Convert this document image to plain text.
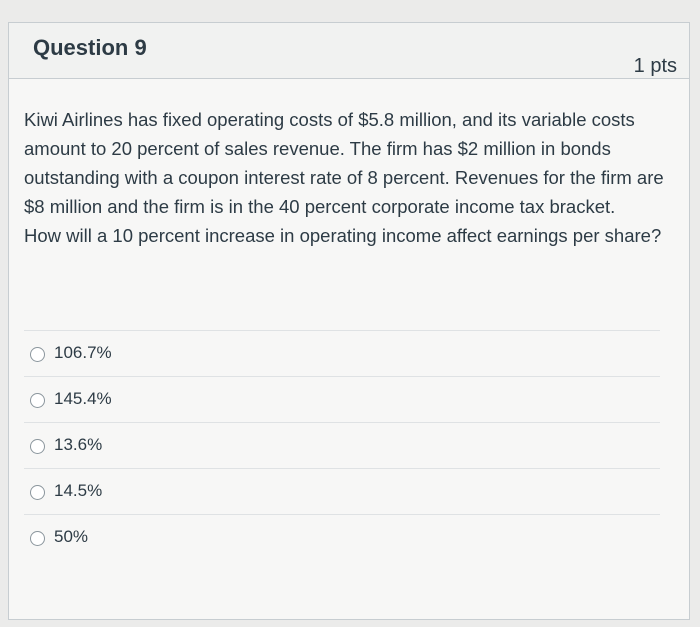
Question 9
1 pts

Kiwi Airlines has fixed operating costs of $5.8 million, and its variable costs amount to 20 percent of sales revenue. The firm has $2 million in bonds outstanding with a coupon interest rate of 8 percent. Revenues for the firm are $8 million and the firm is in the 40 percent corporate income tax bracket.

How will a 10 percent increase in operating income affect earnings per share?

106.7%
145.4%
13.6%
14.5%
50%
